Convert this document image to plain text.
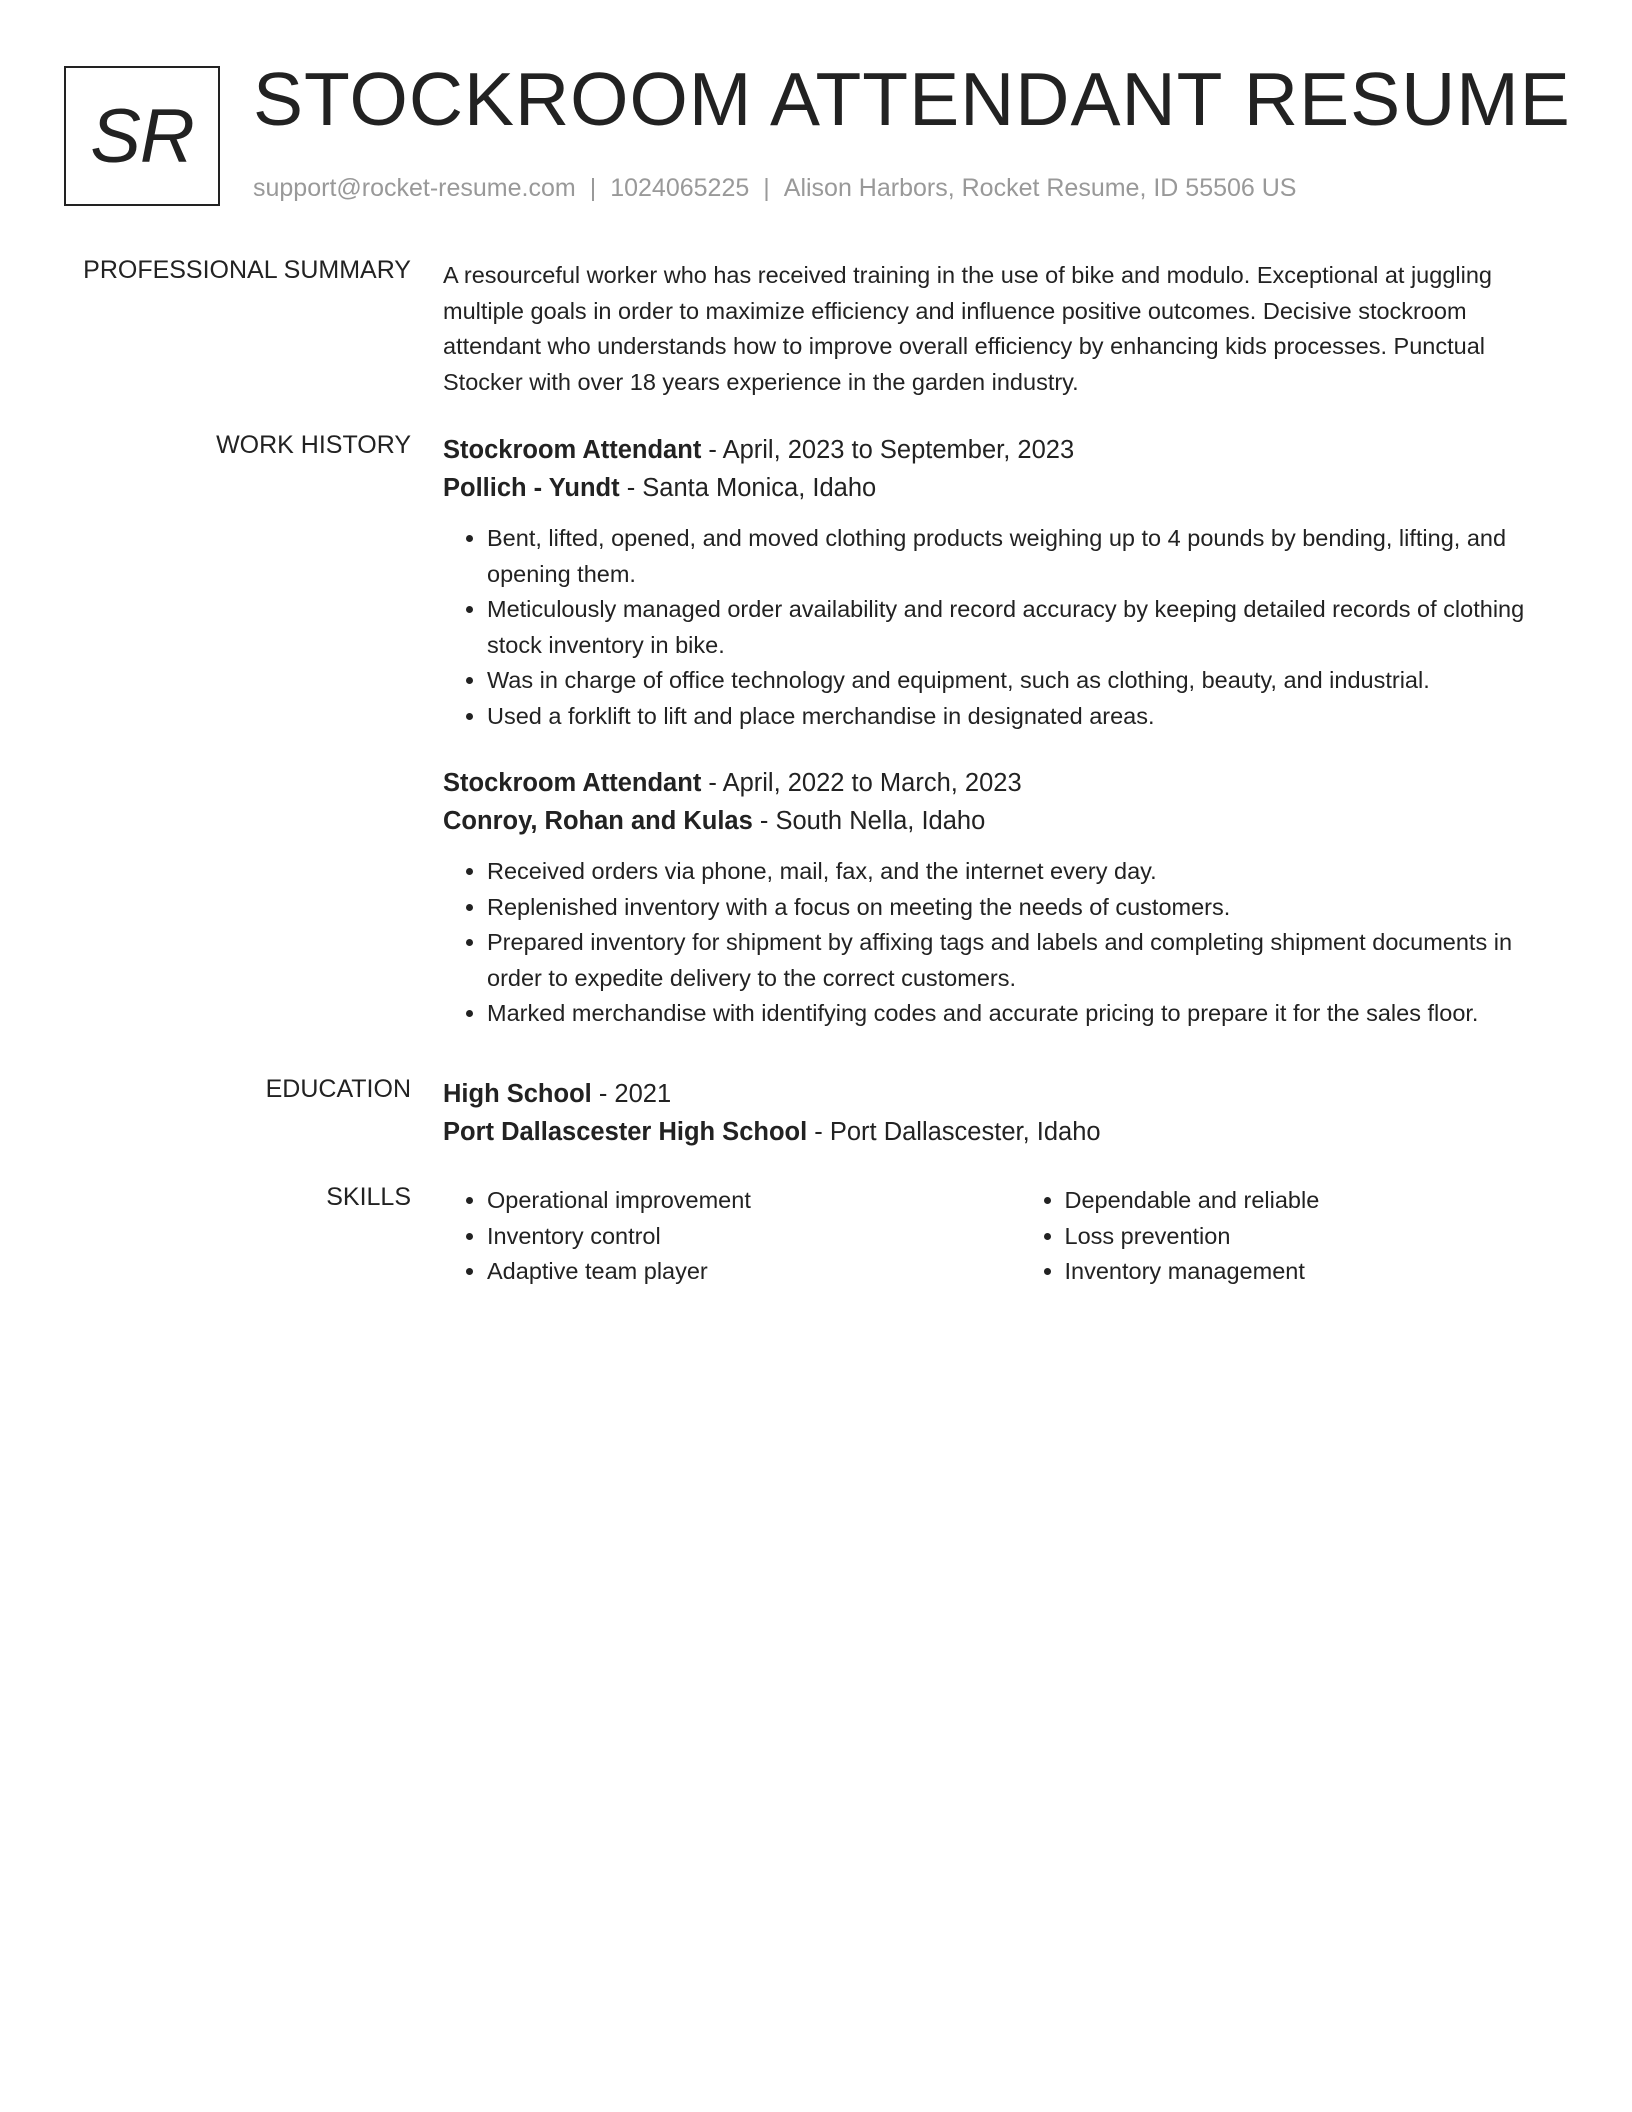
SR STOCKROOM ATTENDANT RESUME
support@rocket-resume.com | 1024065225 | Alison Harbors, Rocket Resume, ID 55506 US
PROFESSIONAL SUMMARY A resourceful worker who has received training in the use of bike and modulo. Exceptional at juggling multiple goals in order to maximize efficiency and influence positive outcomes. Decisive stockroom attendant who understands how to improve overall efficiency by enhancing kids processes. Punctual Stocker with over 18 years experience in the garden industry.

WORK HISTORY Stockroom Attendant - April, 2023 to September, 2023

Pollich - Yundt - Santa Monica, Idaho

• Bent, lifted, opened, and moved clothing products weighing up to 4 pounds by bending, lifting, and opening them.
• Meticulously managed order availability and record accuracy by keeping detailed records of clothing stock inventory in bike.
• Was in charge of office technology and equipment, such as clothing, beauty, and industrial.
• Used a forklift to lift and place merchandise in designated areas.

Stockroom Attendant - April, 2022 to March, 2023

Conroy, Rohan and Kulas - South Nella, Idaho

• Received orders via phone, mail, fax, and the internet every day.
• Replenished inventory with a focus on meeting the needs of customers.
• Prepared inventory for shipment by affixing tags and labels and completing shipment documents in order to expedite delivery to the correct customers.
• Marked merchandise with identifying codes and accurate pricing to prepare it for the sales floor.
EDUCATION High School - 2021

Port Dallascester High School - Port Dallascester, Idaho

SKILLS
•	Operational improvement
• Inventory control
• Adaptive team player
• Dependable and reliable
• Loss prevention
• Inventory management
